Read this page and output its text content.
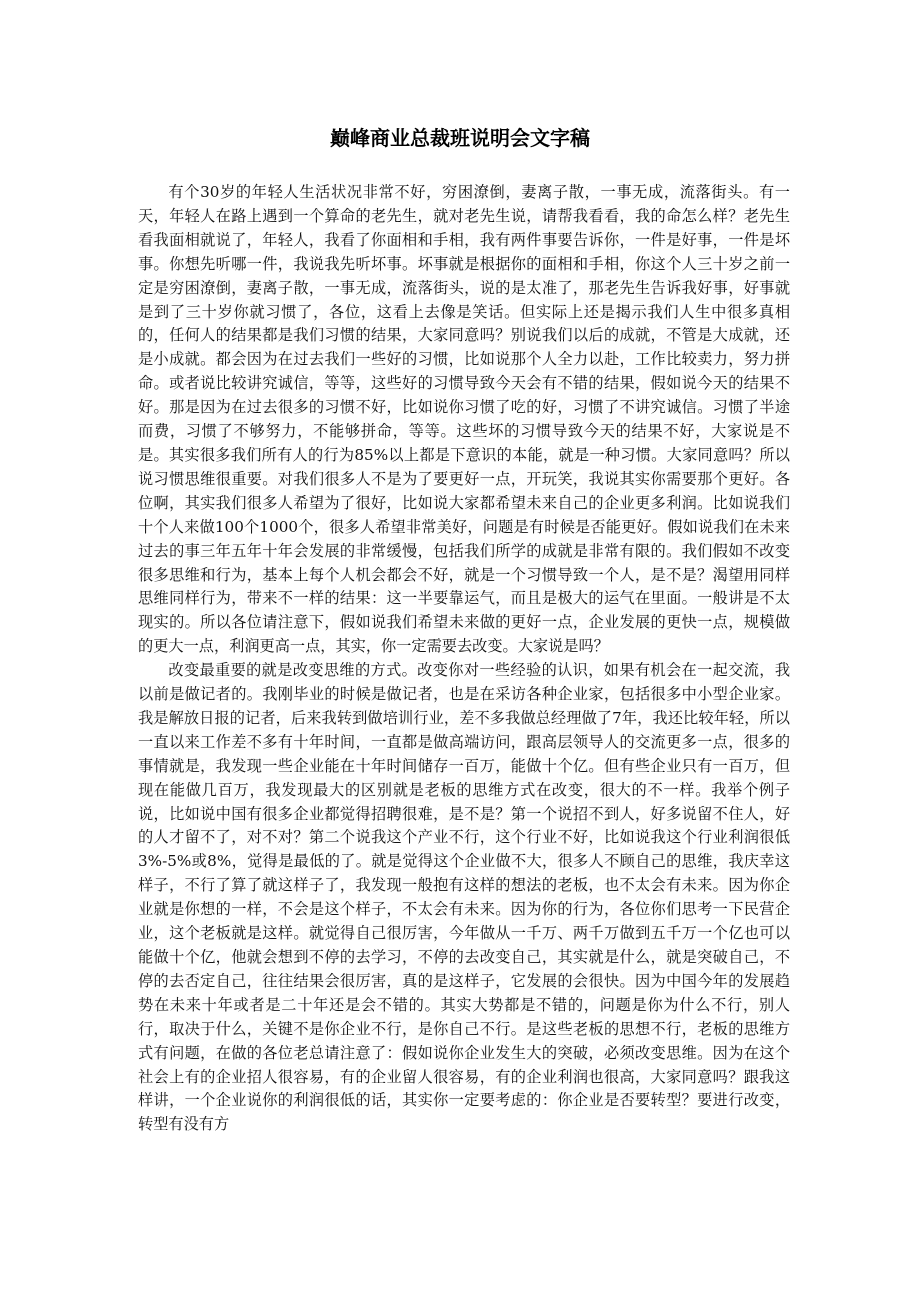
巅峰商业总裁班说明会文字稿

有个30岁的年轻人生活状况非常不好，穷困潦倒，妻离子散，一事无成，流落街头。有一天，年轻人在路上遇到一个算命的老先生，就对老先生说，请帮我看看，我的命怎么样？老先生看我面相就说了，年轻人，我看了你面相和手相，我有两件事要告诉你，一件是好事，一件是坏事。你想先听哪一件，我说我先听坏事。坏事就是根据你的面相和手相，你这个人三十岁之前一定是穷困潦倒，妻离子散，一事无成，流落街头，说的是太准了，那老先生告诉我好事，好事就是到了三十岁你就习惯了，各位，这看上去像是笑话。但实际上还是揭示我们人生中很多真相的，任何人的结果都是我们习惯的结果，大家同意吗？别说我们以后的成就，不管是大成就，还是小成就。都会因为在过去我们一些好的习惯，比如说那个人全力以赴，工作比较卖力，努力拼命。或者说比较讲究诚信，等等，这些好的习惯导致今天会有不错的结果，假如说今天的结果不好。那是因为在过去很多的习惯不好，比如说你习惯了吃的好，习惯了不讲究诚信。习惯了半途而费，习惯了不够努力，不能够拼命，等等。这些坏的习惯导致今天的结果不好，大家说是不是。其实很多我们所有人的行为85%以上都是下意识的本能，就是一种习惯。大家同意吗？所以说习惯思维很重要。对我们很多人不是为了要更好一点，开玩笑，我说其实你需要那个更好。各位啊，其实我们很多人希望为了很好，比如说大家都希望未来自己的企业更多利润。比如说我们十个人来做100个1000个，很多人希望非常美好，问题是有时候是否能更好。假如说我们在未来过去的事三年五年十年会发展的非常缓慢，包括我们所学的成就是非常有限的。我们假如不改变很多思维和行为，基本上每个人机会都会不好，就是一个习惯导致一个人，是不是？渴望用同样思维同样行为，带来不一样的结果：这一半要靠运气，而且是极大的运气在里面。一般讲是不太现实的。所以各位请注意下，假如说我们希望未来做的更好一点，企业发展的更快一点，规模做的更大一点，利润更高一点，其实，你一定需要去改变。大家说是吗？

改变最重要的就是改变思维的方式。改变你对一些经验的认识，如果有机会在一起交流，我以前是做记者的。我刚毕业的时候是做记者，也是在采访各种企业家，包括很多中小型企业家。我是解放日报的记者，后来我转到做培训行业，差不多我做总经理做了7年，我还比较年轻，所以一直以来工作差不多有十年时间，一直都是做高端访问，跟高层领导人的交流更多一点，很多的事情就是，我发现一些企业能在十年时间储存一百万，能做十个亿。但有些企业只有一百万，但现在能做几百万，我发现最大的区别就是老板的思维方式在改变，很大的不一样。我举个例子说，比如说中国有很多企业都觉得招聘很难，是不是？第一个说招不到人，好多说留不住人，好的人才留不了，对不对？第二个说我这个产业不行，这个行业不好，比如说我这个行业利润很低3%-5%或8%，觉得是最低的了。就是觉得这个企业做不大，很多人不顾自己的思维，我庆幸这样子，不行了算了就这样子了，我发现一般抱有这样的想法的老板，也不太会有未来。因为你企业就是你想的一样，不会是这个样子，不太会有未来。因为你的行为，各位你们思考一下民营企业，这个老板就是这样。就觉得自己很厉害，今年做从一千万、两千万做到五千万一个亿也可以能做十个亿，他就会想到不停的去学习，不停的去改变自己，其实就是什么，就是突破自己，不停的去否定自己，往往结果会很厉害，真的是这样子，它发展的会很快。因为中国今年的发展趋势在未来十年或者是二十年还是会不错的。其实大势都是不错的，问题是你为什么不行，别人行，取决于什么，关键不是你企业不行，是你自己不行。是这些老板的思想不行，老板的思维方式有问题，在做的各位老总请注意了：假如说你企业发生大的突破，必须改变思维。因为在这个社会上有的企业招人很容易，有的企业留人很容易，有的企业利润也很高，大家同意吗？跟我这样讲，一个企业说你的利润很低的话，其实你一定要考虑的：你企业是否要转型？要进行改变，转型有没有方
